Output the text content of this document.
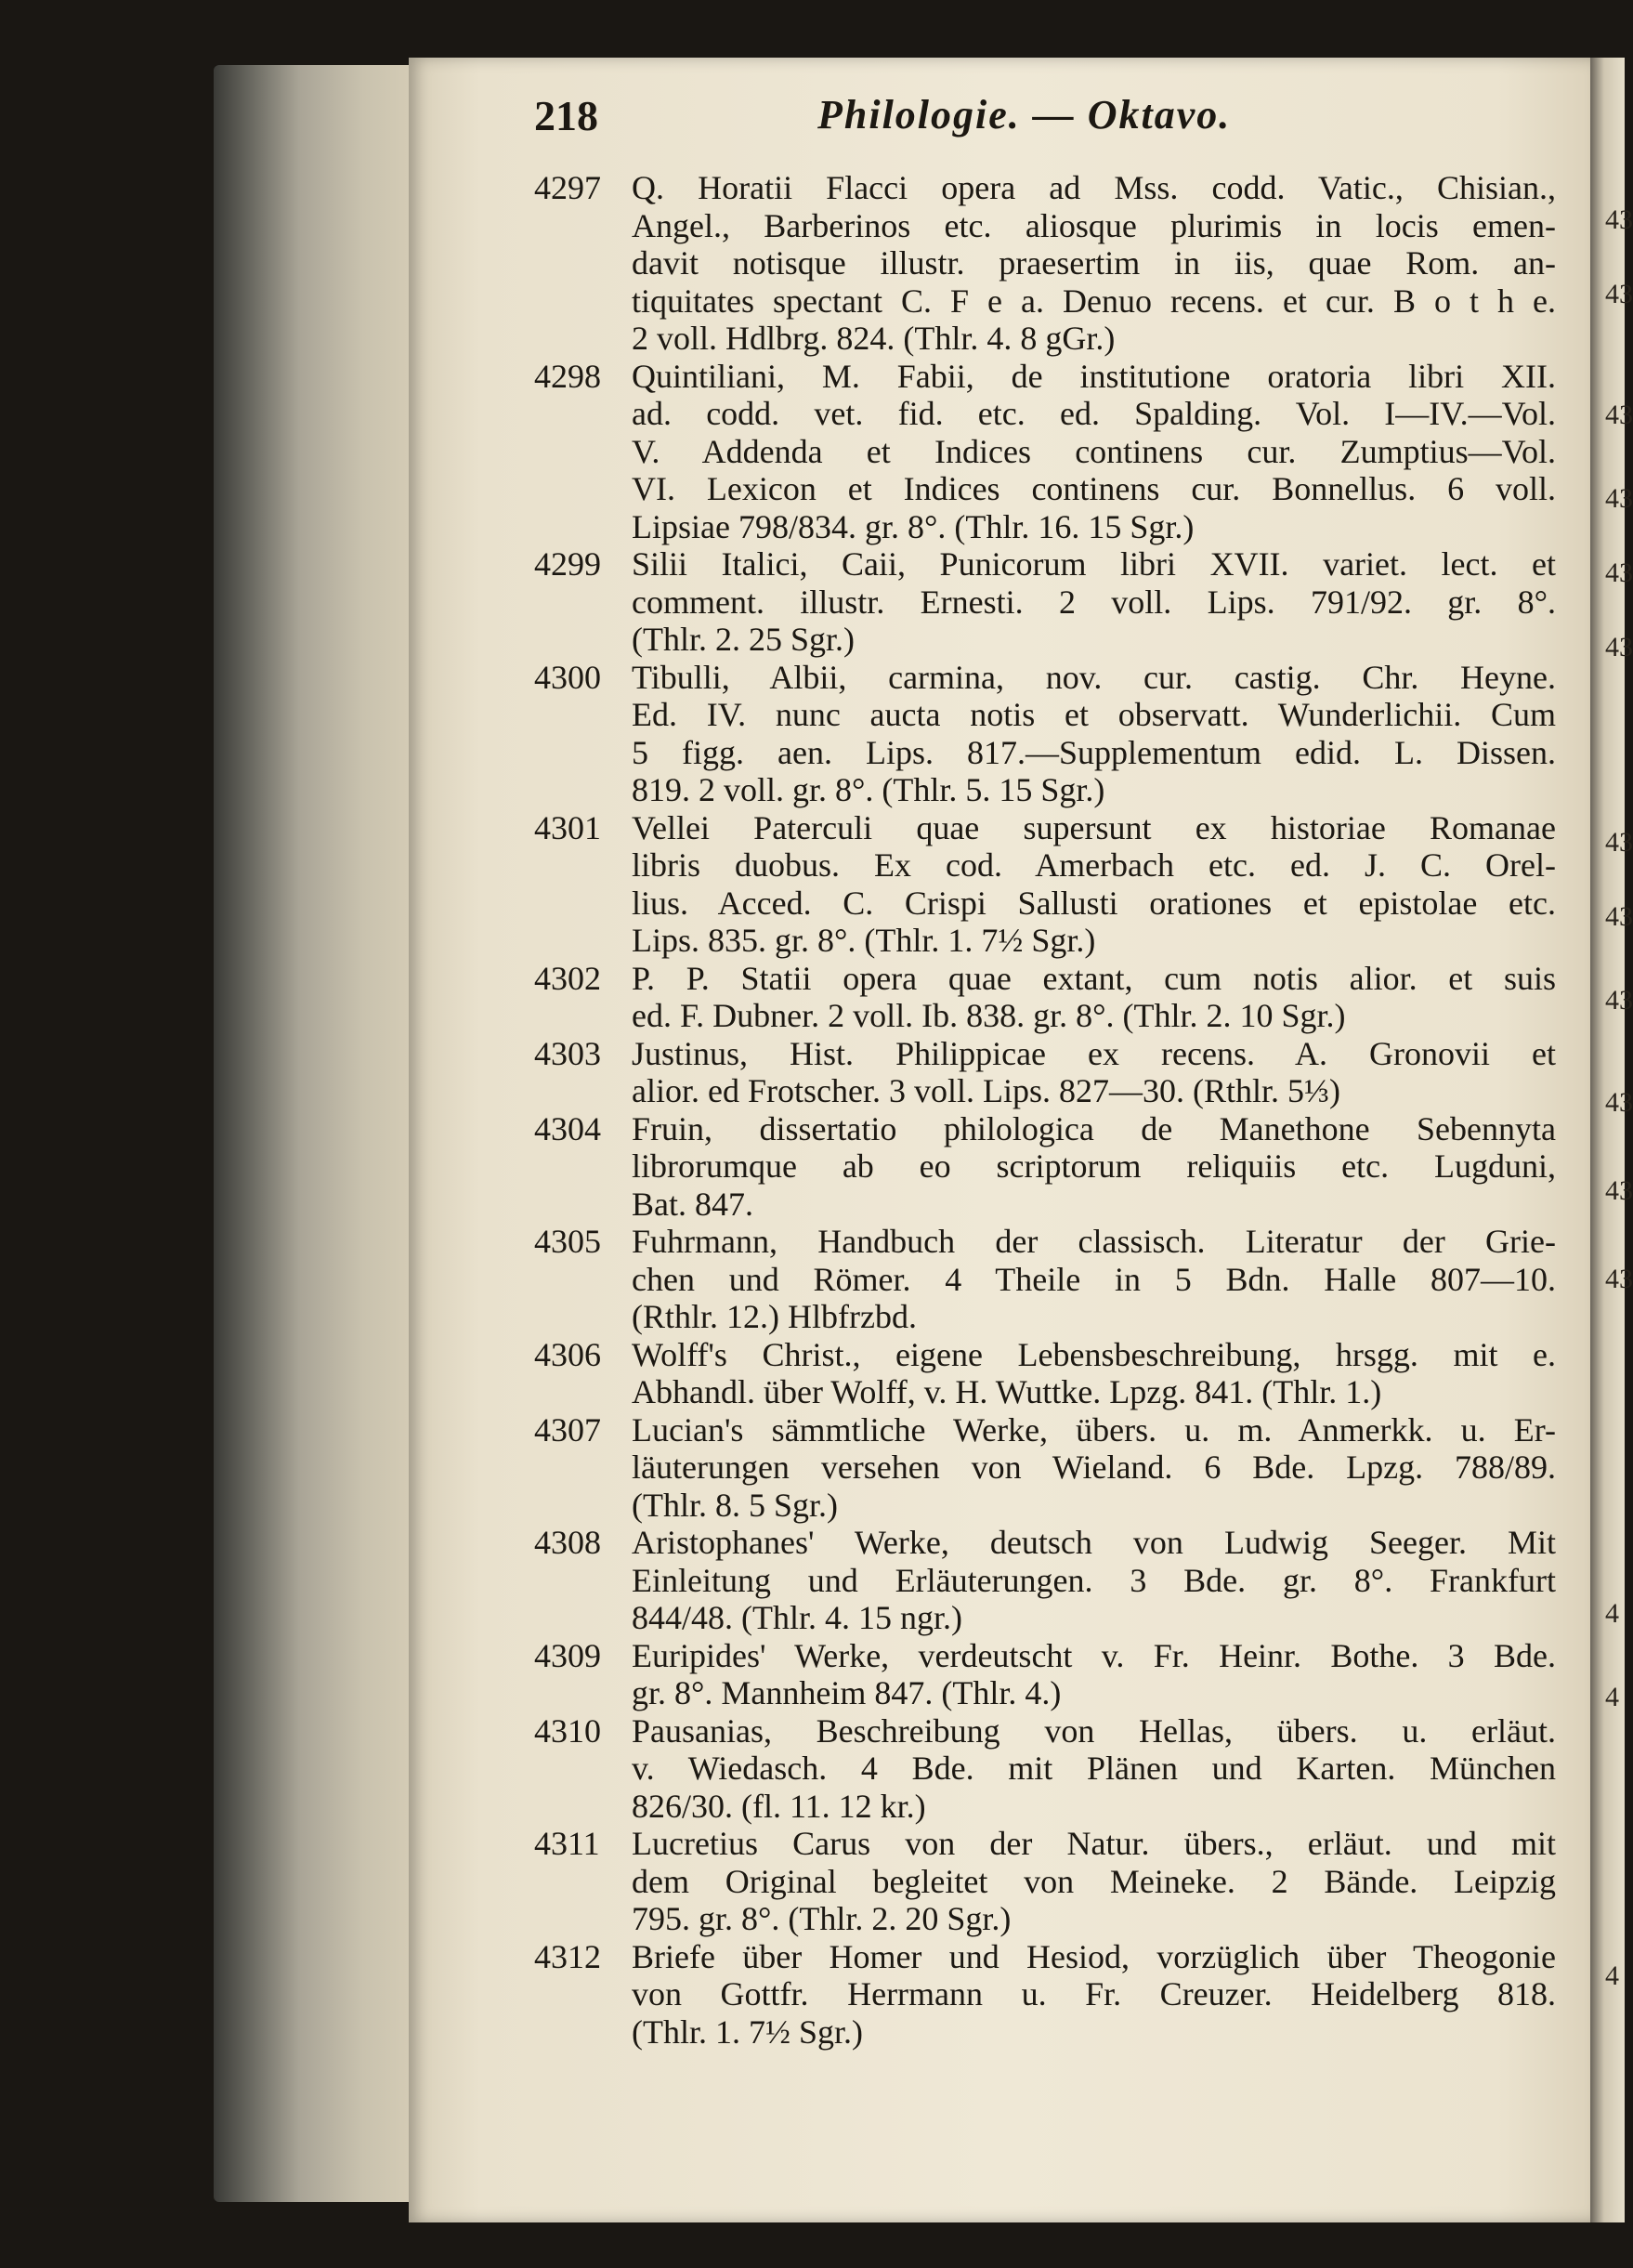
218	Philologie. — Oktavo.
4297 Q. Horatii Flacci opera ad Mss. codd. Vatic., Chisian.,
Angel., Barberinos etc. aliosque plurimis in locis emen-
davit notisque illustr. praesertim in iis, quae Rom. an-
tiquitates spectant C. F e a. Denuo recens. et cur. B o t h e.
2 voll. Hdlbrg. 824. (Thlr. 4. 8 gGr.)
4298 Quintiliani, M. Fabii, de institutione oratoria libri XII.
ad. codd. vet. fid. etc. ed. Spalding. Vol. I—IV.—Vol.
V. Addenda et Indices continens cur. Zumptius—Vol.
VI. Lexicon et Indices continens cur. Bonnellus. 6 voll.
Lipsiae 798/834. gr. 8°. (Thlr. 16. 15 Sgr.)
4299 Silii Italici, Caii, Punicorum libri XVII. variet. lect. et
comment. illustr. Ernesti. 2 voll. Lips. 791/92. gr. 8°.
(Thlr. 2. 25 Sgr.)
4300 Tibulli, Albii, carmina, nov. cur. castig. Chr. Heyne.
Ed. IV. nunc aucta notis et observatt. Wunderlichii. Cum
5 figg. aen. Lips. 817.—Supplementum edid. L. Dissen.
819. 2 voll. gr. 8°. (Thlr. 5. 15 Sgr.)
4301 Vellei Paterculi quae supersunt ex historiae Romanae
libris duobus. Ex cod. Amerbach etc. ed. J. C. Orel-
lius. Acced. C. Crispi Sallusti orationes et epistolae etc.
Lips. 835. gr. 8°. (Thlr. 1. 7½ Sgr.)
4302 P. P. Statii opera quae extant, cum notis alior. et suis
ed. F. Dubner. 2 voll. Ib. 838. gr. 8°. (Thlr. 2. 10 Sgr.)
4303 Justinus, Hist. Philippicae ex recens. A. Gronovii et
alior. ed Frotscher. 3 voll. Lips. 827—30. (Rthlr. 5⅓)
4304 Fruin, dissertatio philologica de Manethone Sebennyta
librorumque ab eo scriptorum reliquiis etc. Lugduni,
Bat. 847.
4305 Fuhrmann, Handbuch der classisch. Literatur der Grie-
chen und Römer. 4 Theile in 5 Bdn. Halle 807—10.
(Rthlr. 12.) Hlbfrzbd.
4306 Wolff's Christ., eigene Lebensbeschreibung, hrsgg. mit e.
Abhandl. über Wolff, v. H. Wuttke. Lpzg. 841. (Thlr. 1.)
4307 Lucian's sämmtliche Werke, übers. u. m. Anmerkk. u. Er-
läuterungen versehen von Wieland. 6 Bde. Lpzg. 788/89.
(Thlr. 8. 5 Sgr.)
4308 Aristophanes' Werke, deutsch von Ludwig Seeger. Mit
Einleitung und Erläuterungen. 3 Bde. gr. 8°. Frankfurt
844/48. (Thlr. 4. 15 ngr.)
4309 Euripides' Werke, verdeutscht v. Fr. Heinr. Bothe. 3 Bde.
gr. 8°. Mannheim 847. (Thlr. 4.)
4310 Pausanias, Beschreibung von Hellas, übers. u. erläut.
v. Wiedasch. 4 Bde. mit Plänen und Karten. München
826/30. (fl. 11. 12 kr.)
4311 Lucretius Carus von der Natur. übers., erläut. und mit
dem Original begleitet von Meineke. 2 Bände. Leipzig
795. gr. 8°. (Thlr. 2. 20 Sgr.)
4312 Briefe über Homer und Hesiod, vorzüglich über Theogonie
von Gottfr. Herrmann u. Fr. Creuzer. Heidelberg 818.
(Thlr. 1. 7½ Sgr.)
43
43
43
43
43
43
43
43
43
43
43
43
4
4
4
